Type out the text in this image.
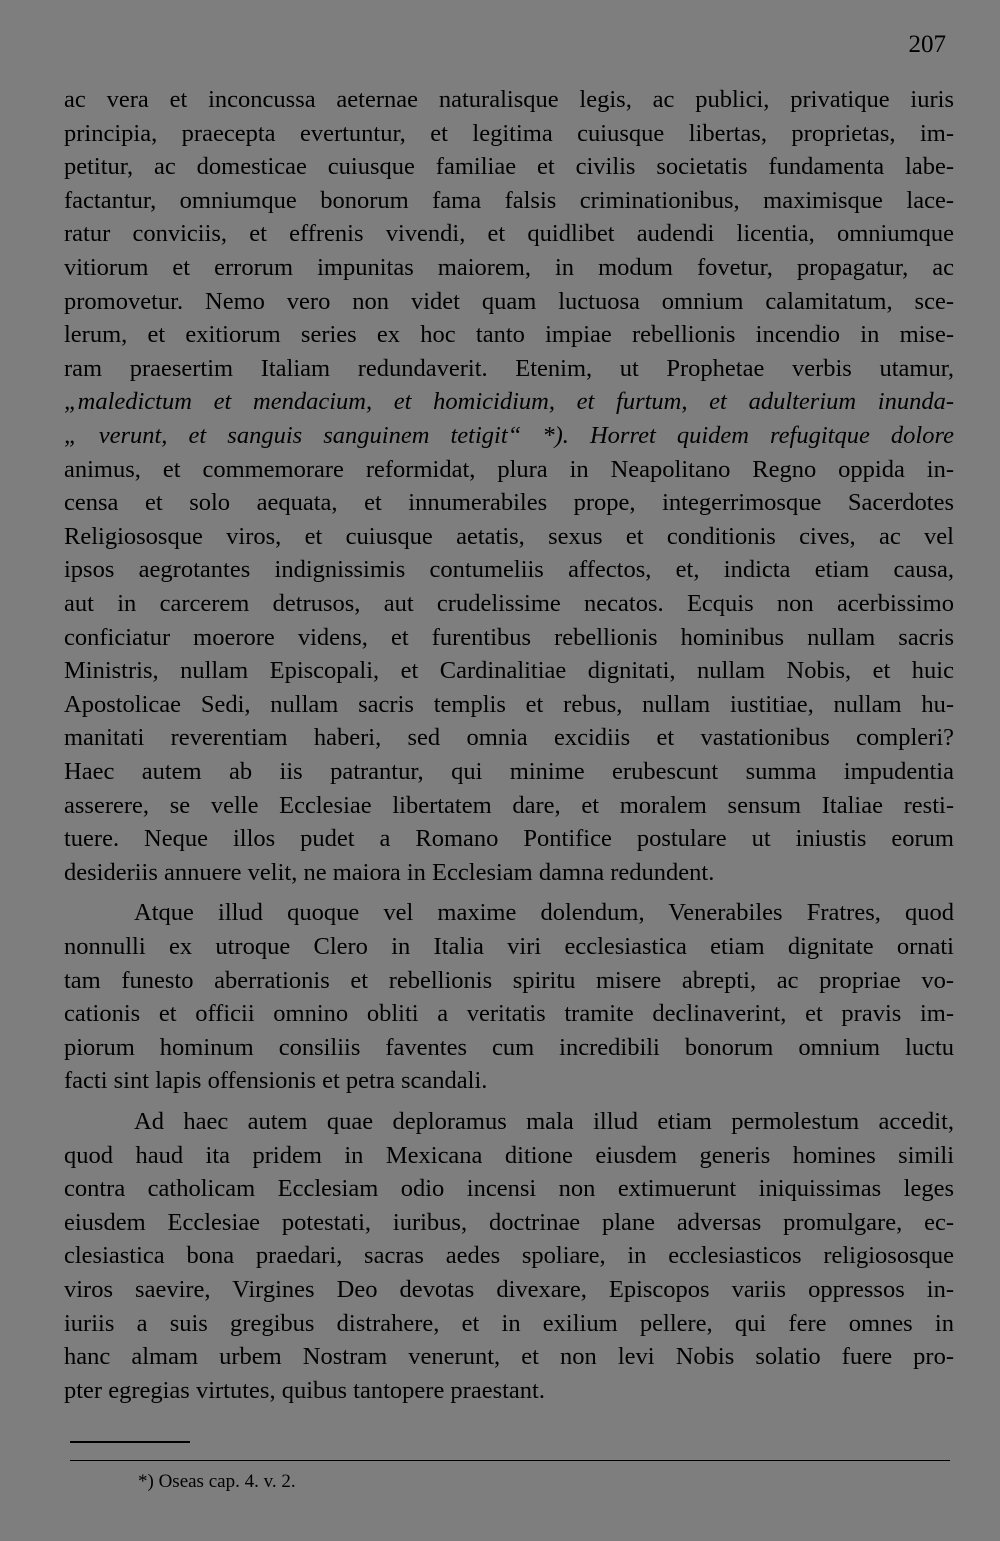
207
ac vera et inconcussa aeternae naturalisque legis, ac publici, privatique iuris
principia, praecepta evertuntur, et legitima cuiusque libertas, proprietas, im-
petitur, ac domesticae cuiusque familiae et civilis societatis fundamenta labe-
factantur, omniumque bonorum fama falsis criminationibus, maximisque lace-
ratur conviciis, et effrenis vivendi, et quidlibet audendi licentia, omniumque
vitiorum et errorum impunitas maiorem, in modum fovetur, propagatur, ac
promovetur. Nemo vero non videt quam luctuosa omnium calamitatum, sce-
lerum, et exitiorum series ex hoc tanto impiae rebellionis incendio in mise-
ram praesertim Italiam redundaverit. Etenim, ut Prophetae verbis utamur,
„maledictum et mendacium, et homicidium, et furtum, et adulterium inunda-
„ verunt, et sanguis sanguinem tetigit“ *). Horret quidem refugitque dolore
animus, et commemorare reformidat, plura in Neapolitano Regno oppida in-
censa et solo aequata, et innumerabiles prope, integerrimosque Sacerdotes
Religiososque viros, et cuiusque aetatis, sexus et conditionis cives, ac vel
ipsos aegrotantes indignissimis contumeliis affectos, et, indicta etiam causa,
aut in carcerem detrusos, aut crudelissime necatos. Ecquis non acerbissimo
conficiatur moerore videns, et furentibus rebellionis hominibus nullam sacris
Ministris, nullam Episcopali, et Cardinalitiae dignitati, nullam Nobis, et huic
Apostolicae Sedi, nullam sacris templis et rebus, nullam iustitiae, nullam hu-
manitati reverentiam haberi, sed omnia excidiis et vastationibus compleri?
Haec autem ab iis patrantur, qui minime erubescunt summa impudentia
asserere, se velle Ecclesiae libertatem dare, et moralem sensum Italiae resti-
tuere. Neque illos pudet a Romano Pontifice postulare ut iniustis eorum
desideriis annuere velit, ne maiora in Ecclesiam damna redundent.
Atque illud quoque vel maxime dolendum, Venerabiles Fratres, quod
nonnulli ex utroque Clero in Italia viri ecclesiastica etiam dignitate ornati
tam funesto aberrationis et rebellionis spiritu misere abrepti, ac propriae vo-
cationis et officii omnino obliti a veritatis tramite declinaverint, et pravis im-
piorum hominum consiliis faventes cum incredibili bonorum omnium luctu
facti sint lapis offensionis et petra scandali.
Ad haec autem quae deploramus mala illud etiam permolestum accedit,
quod haud ita pridem in Mexicana ditione eiusdem generis homines simili
contra catholicam Ecclesiam odio incensi non extimuerunt iniquissimas leges
eiusdem Ecclesiae potestati, iuribus, doctrinae plane adversas promulgare, ec-
clesiastica bona praedari, sacras aedes spoliare, in ecclesiasticos religiososque
viros saevire, Virgines Deo devotas divexare, Episcopos variis oppressos in-
iuriis a suis gregibus distrahere, et in exilium pellere, qui fere omnes in
hanc almam urbem Nostram venerunt, et non levi Nobis solatio fuere pro-
pter egregias virtutes, quibus tantopere praestant.
*) Oseas cap. 4. v. 2.
